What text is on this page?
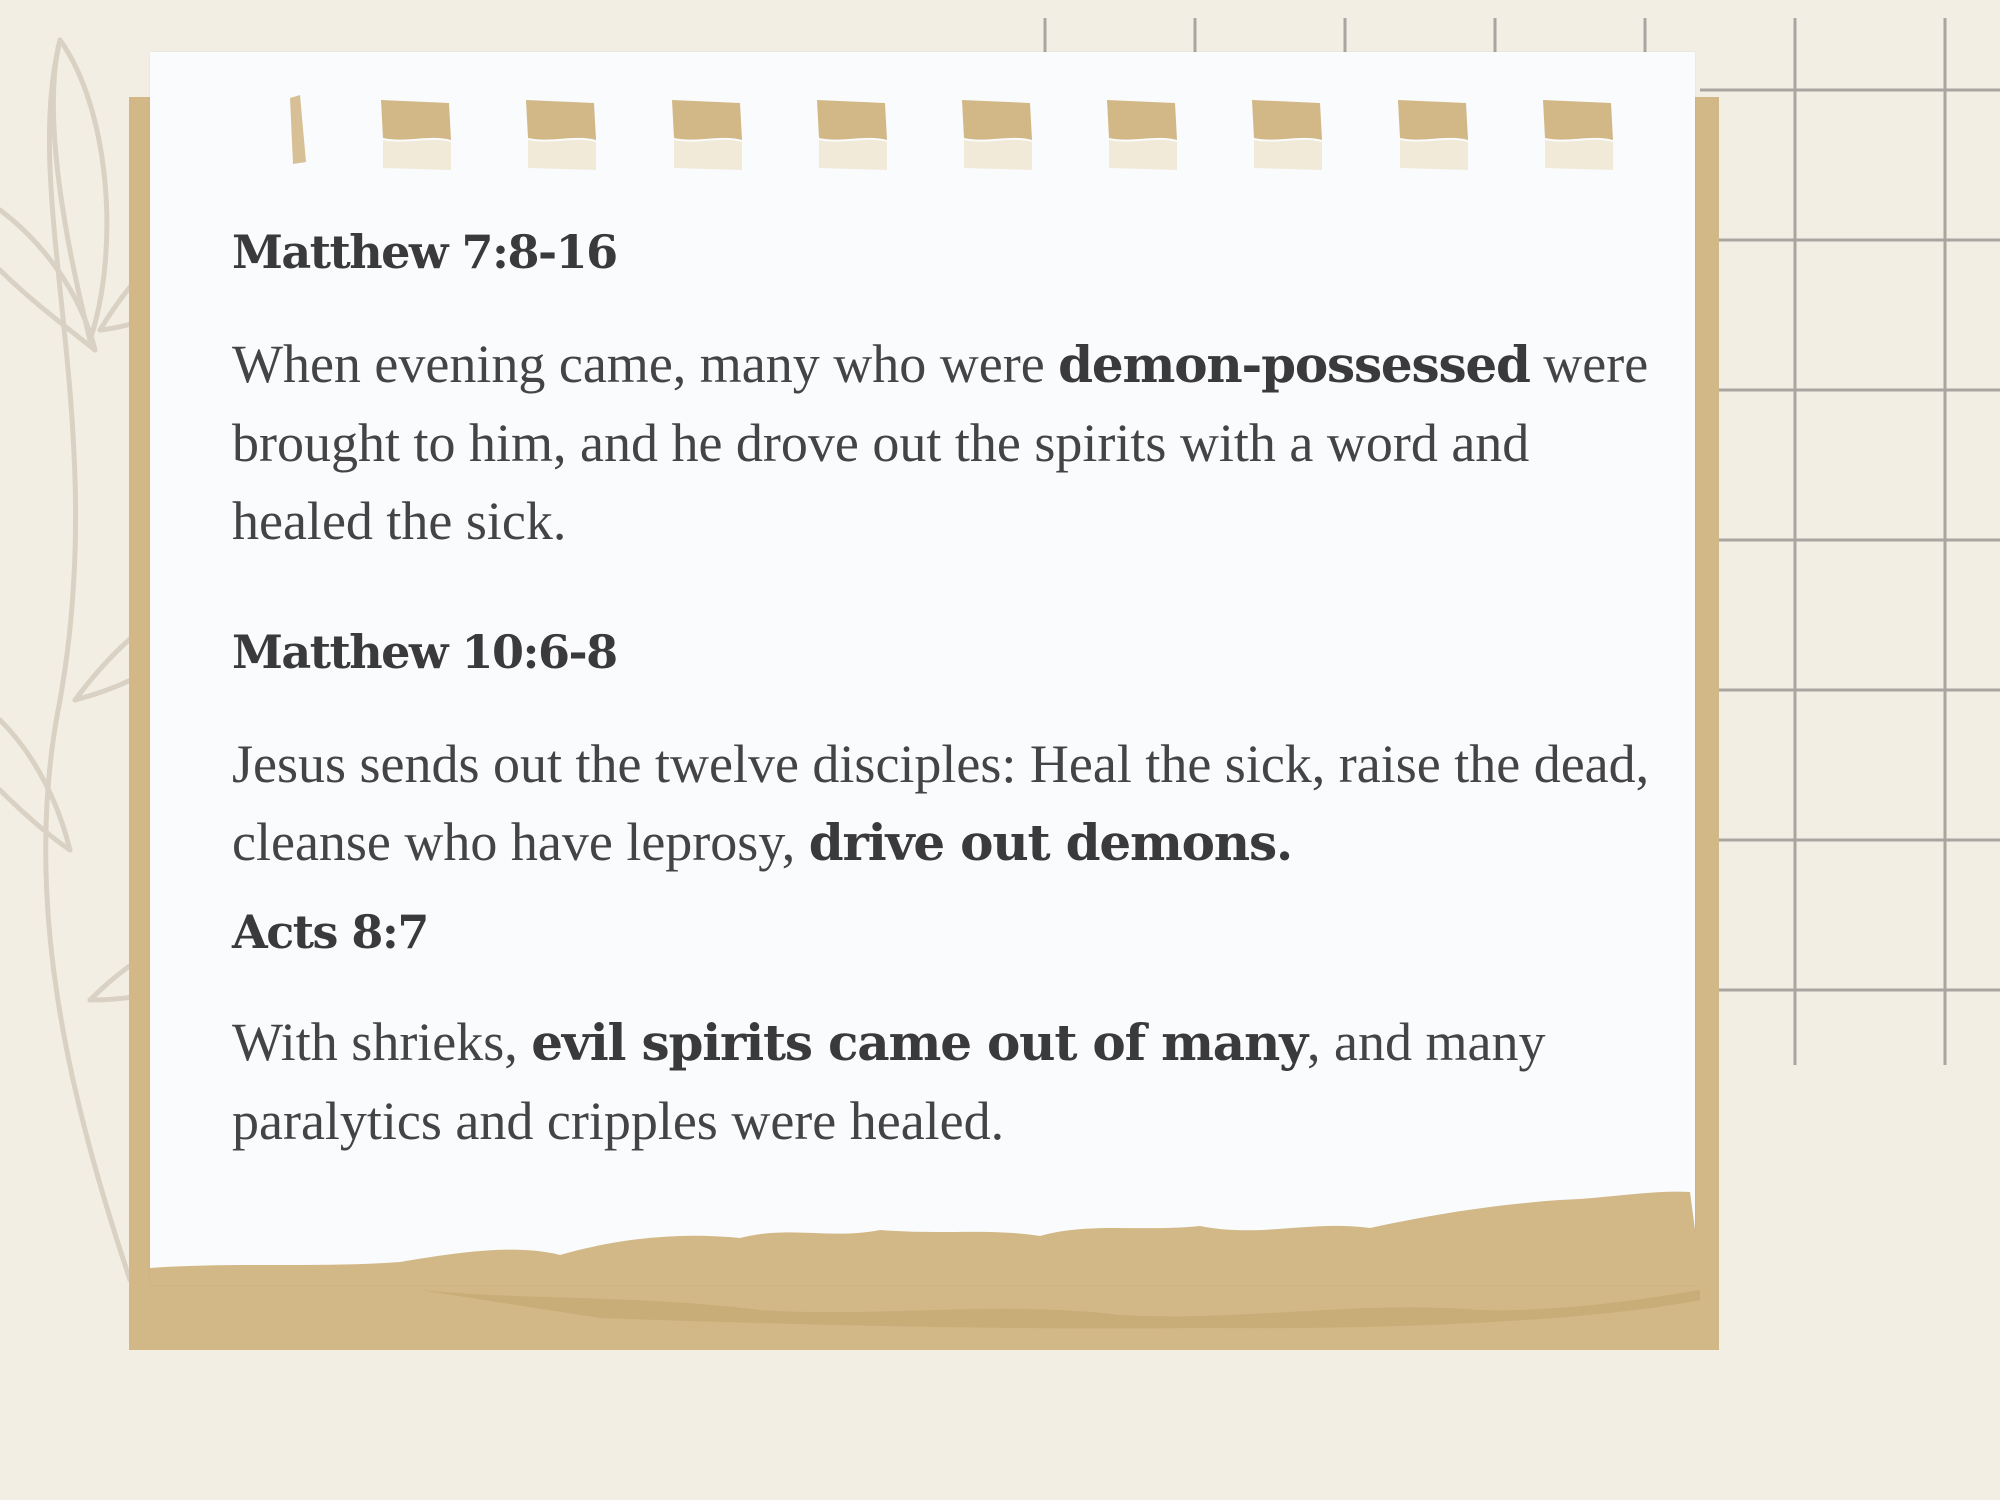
Matthew 7:8-16

When evening came, many who were demon-possessed were brought to him, and he drove out the spirits with a word and healed the sick.

Matthew 10:6-8

Jesus sends out the twelve disciples: Heal the sick, raise the dead, cleanse who have leprosy, drive out demons.

Acts 8:7

With shrieks, evil spirits came out of many, and many paralytics and cripples were healed.
